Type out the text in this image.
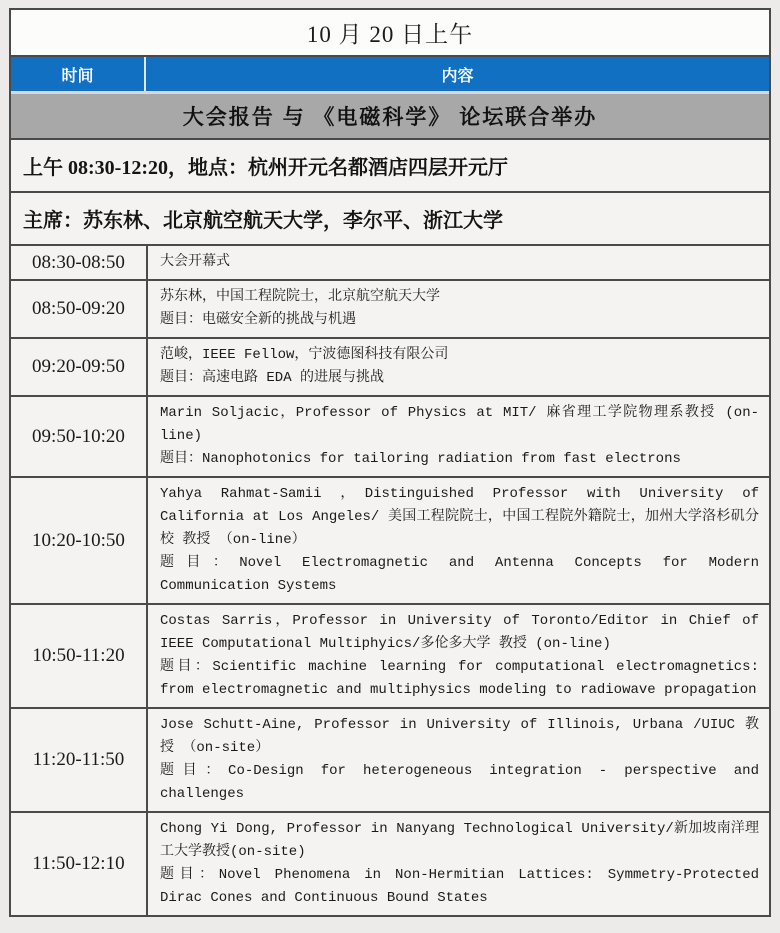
10 月 20 日上午
时间	内容
大会报告 与 《电磁科学》 论坛联合举办
上午 08:30-12:20，地点：杭州开元名都酒店四层开元厅
主席：苏东林、北京航空航天大学，李尔平、浙江大学
08:30-08:50	大会开幕式
08:50-09:20
苏东林，中国工程院院士，北京航空航天大学
题目：电磁安全新的挑战与机遇
09:20-09:50
范峻，IEEE Fellow，宁波德图科技有限公司
题目：高速电路 EDA 的进展与挑战
09:50-10:20
Marin Soljacic，Professor of Physics at MIT/ 麻省理工学院物理系教授 (on-line)
题目：Nanophotonics for tailoring radiation from fast electrons
10:20-10:50
Yahya Rahmat-Samii ，Distinguished Professor with University of California at Los Angeles/ 美国工程院院士，中国工程院外籍院士，加州大学洛杉矶分校 教授 （on-line）
题目：Novel Electromagnetic and Antenna Concepts for Modern Communication Systems
10:50-11:20
Costas Sarris，Professor in University of Toronto/Editor in Chief of IEEE Computational Multiphyics/多伦多大学 教授 (on-line)
题目：Scientific machine learning for computational electromagnetics: from electromagnetic and multiphysics modeling to radiowave propagation
11:20-11:50
Jose Schutt-Aine, Professor in University of Illinois, Urbana /UIUC 教授 （on-site）
题目：Co-Design for heterogeneous integration - perspective and challenges
11:50-12:10
Chong Yi Dong, Professor in Nanyang Technological University/新加坡南洋理工大学教授(on-site)
题目：Novel Phenomena in Non-Hermitian Lattices: Symmetry-Protected Dirac Cones and Continuous Bound States
